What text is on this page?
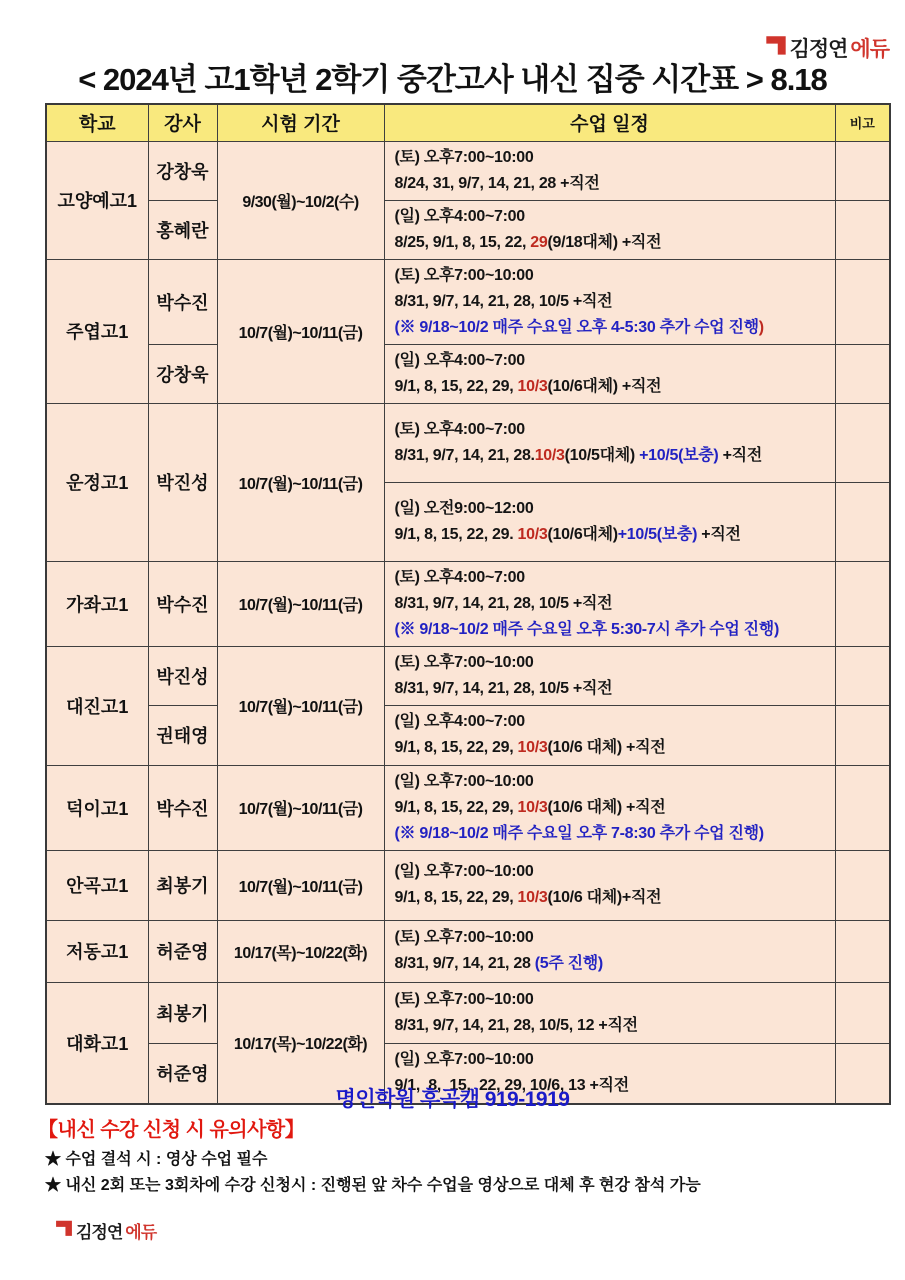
김정연 에듀
< 2024년 고1학년 2학기 중간고사 내신 집중 시간표 > 8.18
학교	강사	시험 기간	수업 일정	비고
고양예고1	강창욱	9/30(월)~10/2(수)	(토) 오후7:00~10:00
8/24, 31, 9/7, 14, 21, 28 +직전	

	홍혜란		(일) 오후4:00~7:00
8/25, 9/1, 8, 15, 22, 29(9/18대체) +직전	

주엽고1	박수진	10/7(월)~10/11(금)	(토) 오후7:00~10:00
8/31, 9/7, 14, 21, 28, 10/5 +직전
(※ 9/18~10/2 매주 수요일 오후 4-5:30 추가 수업 진행)	

	강창욱		(일) 오후4:00~7:00
9/1, 8, 15, 22, 29, 10/3(10/6대체) +직전	

운정고1	박진성	10/7(월)~10/11(금)	(토) 오후4:00~7:00
8/31, 9/7, 14, 21, 28.10/3(10/5대체) +10/5(보충) +직전	

			(일) 오전9:00~12:00
9/1, 8, 15, 22, 29. 10/3(10/6대체)+10/5(보충) +직전	

가좌고1	박수진	10/7(월)~10/11(금)	(토) 오후4:00~7:00
8/31, 9/7, 14, 21, 28, 10/5 +직전
(※ 9/18~10/2 매주 수요일 오후 5:30-7시 추가 수업 진행)	

대진고1	박진성	10/7(월)~10/11(금)	(토) 오후7:00~10:00
8/31, 9/7, 14, 21, 28, 10/5 +직전	

	권태영		(일) 오후4:00~7:00
9/1, 8, 15, 22, 29, 10/3(10/6 대체) +직전	

덕이고1	박수진	10/7(월)~10/11(금)	(일) 오후7:00~10:00
9/1, 8, 15, 22, 29, 10/3(10/6 대체) +직전
(※ 9/18~10/2 매주 수요일 오후 7-8:30 추가 수업 진행)	

안곡고1	최봉기	10/7(월)~10/11(금)	(일) 오후7:00~10:00
9/1, 8, 15, 22, 29, 10/3(10/6 대체)+직전	

저동고1	허준영	10/17(목)~10/22(화)	(토) 오후7:00~10:00
8/31, 9/7, 14, 21, 28 (5주 진행)	

대화고1	최봉기	10/17(목)~10/22(화)	(토) 오후7:00~10:00
8/31, 9/7, 14, 21, 28, 10/5, 12 +직전	

	허준영		(일) 오후7:00~10:00
9/1,  8,  15,  22, 29, 10/6, 13 +직전	

명인학원 후곡캠 919-1919
【내신 수강 신청 시 유의사항】
★ 수업 결석 시 : 영상 수업 필수
★ 내신 2회 또는 3회차에 수강 신청시 : 진행된 앞 차수 수업을 영상으로 대체 후 현강 참석 가능
김정연 에듀
